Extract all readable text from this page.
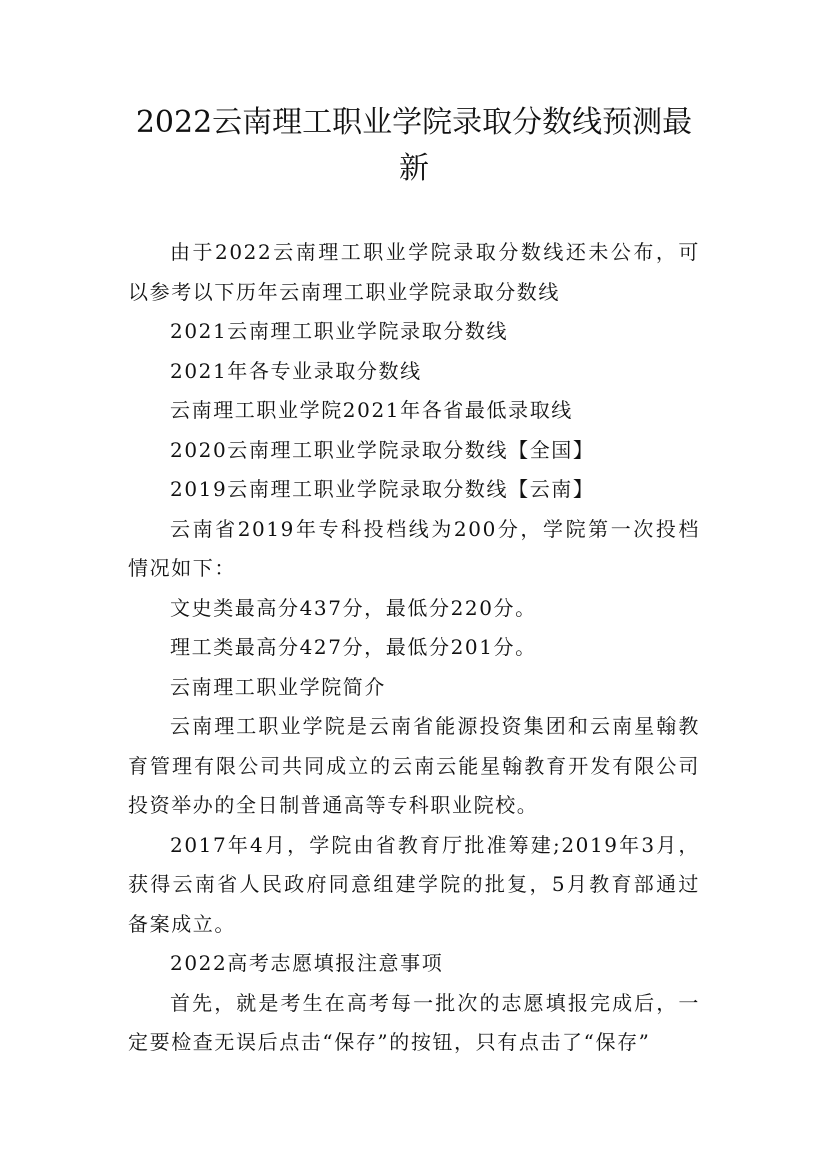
2022云南理工职业学院录取分数线预测最新

由于2022云南理工职业学院录取分数线还未公布，可以参考以下历年云南理工职业学院录取分数线

2021云南理工职业学院录取分数线

2021年各专业录取分数线

云南理工职业学院2021年各省最低录取线

2020云南理工职业学院录取分数线【全国】

2019云南理工职业学院录取分数线【云南】

云南省2019年专科投档线为200分，学院第一次投档情况如下：

文史类最高分437分，最低分220分。

理工类最高分427分，最低分201分。

云南理工职业学院简介

云南理工职业学院是云南省能源投资集团和云南星翰教育管理有限公司共同成立的云南云能星翰教育开发有限公司投资举办的全日制普通高等专科职业院校。

2017年4月，学院由省教育厅批准筹建;2019年3月，获得云南省人民政府同意组建学院的批复，5月教育部通过备案成立。

2022高考志愿填报注意事项

首先，就是考生在高考每一批次的志愿填报完成后，一定要检查无误后点击“保存”的按钮，只有点击了“保存”
